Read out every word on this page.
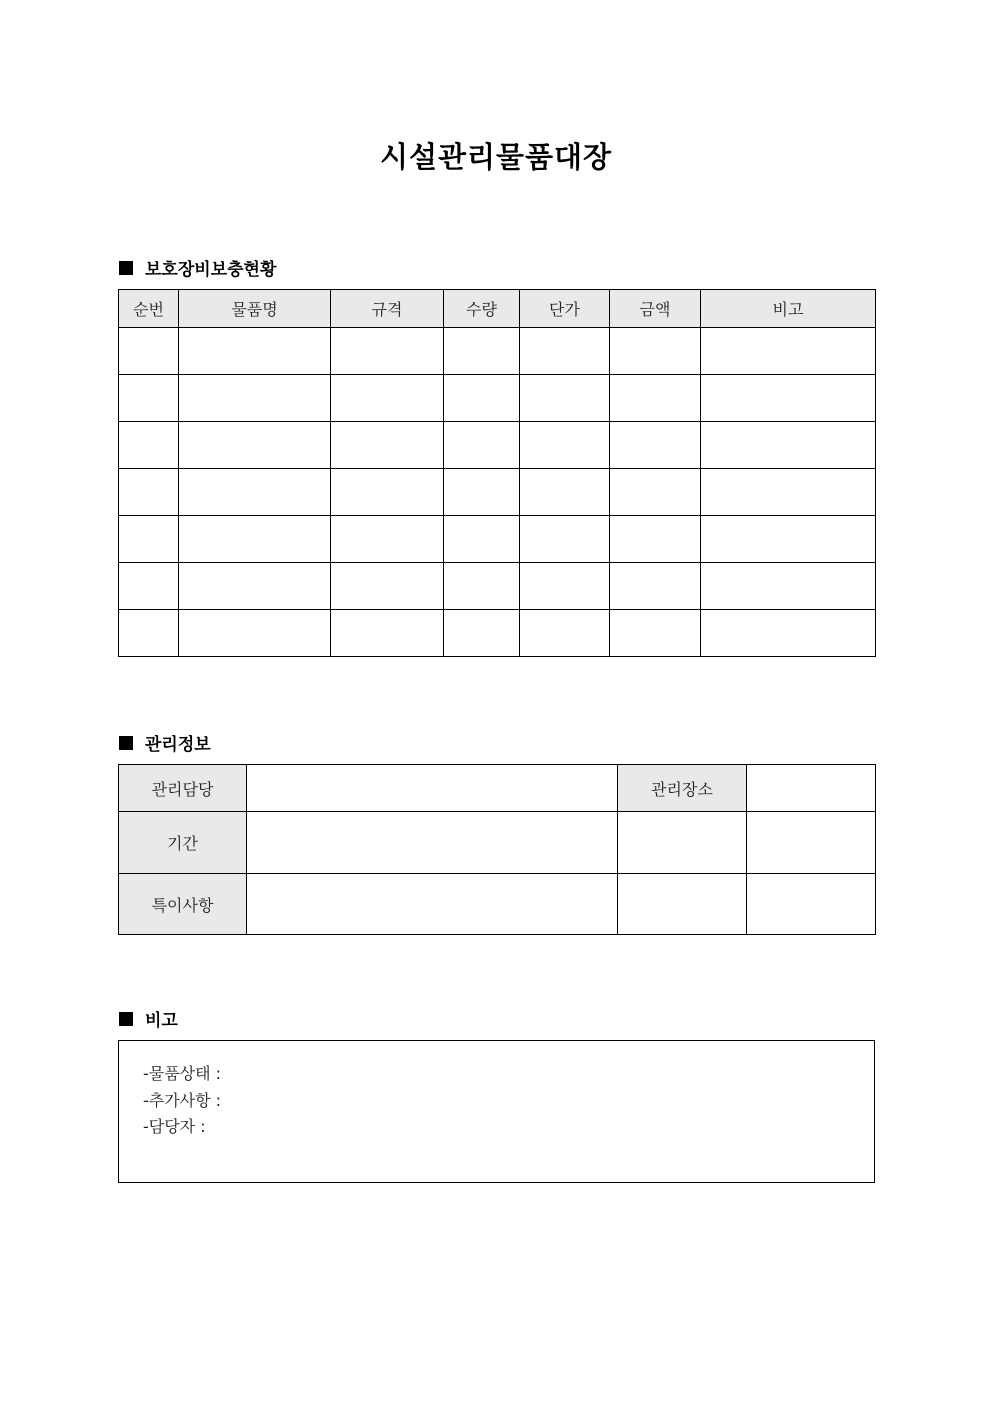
시설관리물품대장
보호장비보충현황
순번	물품명	규격	수량	단가	금액	비고

관리정보
관리담당		관리장소	
기간			
특이사항			
비고
-물품상태 :
-추가사항 :
-담당자 :
